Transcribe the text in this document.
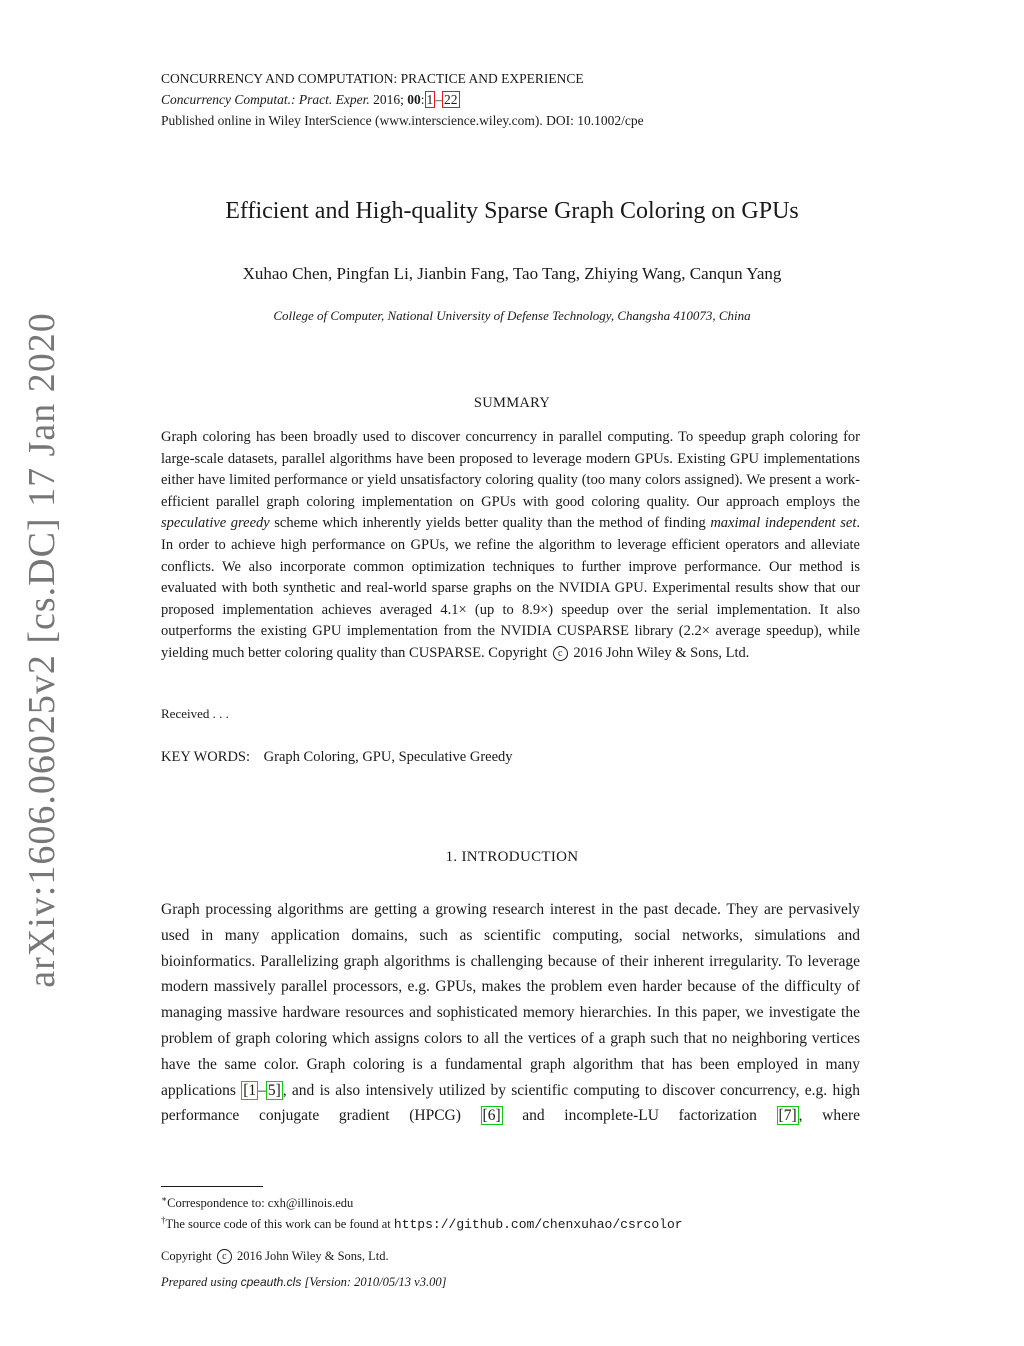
arXiv:1606.06025v2 [cs.DC] 17 Jan 2020
CONCURRENCY AND COMPUTATION: PRACTICE AND EXPERIENCE
Concurrency Computat.: Pract. Exper. 2016; 00: 1 – 22
Published online in Wiley InterScience (www.interscience.wiley.com). DOI: 10.1002/cpe
Efficient and High-quality Sparse Graph Coloring on GPUs
Xuhao Chen, Pingfan Li, Jianbin Fang, Tao Tang, Zhiying Wang, Canqun Yang
College of Computer, National University of Defense Technology, Changsha 410073, China
SUMMARY

Graph coloring has been broadly used to discover concurrency in parallel computing. To speedup graph coloring for large-scale datasets, parallel algorithms have been proposed to leverage modern GPUs. Existing GPU implementations either have limited performance or yield unsatisfactory coloring quality (too many colors assigned). We present a work-efficient parallel graph coloring implementation on GPUs with good coloring quality. Our approach employs the speculative greedy scheme which inherently yields better quality than the method of finding maximal independent set. In order to achieve high performance on GPUs, we refine the algorithm to leverage efficient operators and alleviate conflicts. We also incorporate common optimization techniques to further improve performance. Our method is evaluated with both synthetic and real-world sparse graphs on the NVIDIA GPU. Experimental results show that our proposed implementation achieves averaged 4.1× (up to 8.9×) speedup over the serial implementation. It also outperforms the existing GPU implementation from the NVIDIA CUSPARSE library (2.2× average speedup), while yielding much better coloring quality than CUSPARSE. Copyright c 2016 John Wiley & Sons, Ltd.

Received . . .
KEY WORDS: Graph Coloring, GPU, Speculative Greedy
1. INTRODUCTION

Graph processing algorithms are getting a growing research interest in the past decade. They are pervasively used in many application domains, such as scientific computing, social networks, simulations and bioinformatics. Parallelizing graph algorithms is challenging because of their inherent irregularity. To leverage modern massively parallel processors, e.g. GPUs, makes the problem even harder because of the difficulty of managing massive hardware resources and sophisticated memory hierarchies. In this paper, we investigate the problem of graph coloring which assigns colors to all the vertices of a graph such that no neighboring vertices have the same color. Graph coloring is a fundamental graph algorithm that has been employed in many applications [1 – 5] , and is also intensively utilized by scientific computing to discover concurrency, e.g. high performance conjugate gradient (HPCG) [6] and incomplete-LU factorization [7] , where

∗Correspondence to: cxh@illinois.edu
†The source code of this work can be found at https://github.com/chenxuhao/csrcolor
Copyright c 2016 John Wiley & Sons, Ltd.
Prepared using cpeauth.cls [Version: 2010/05/13 v3.00]
